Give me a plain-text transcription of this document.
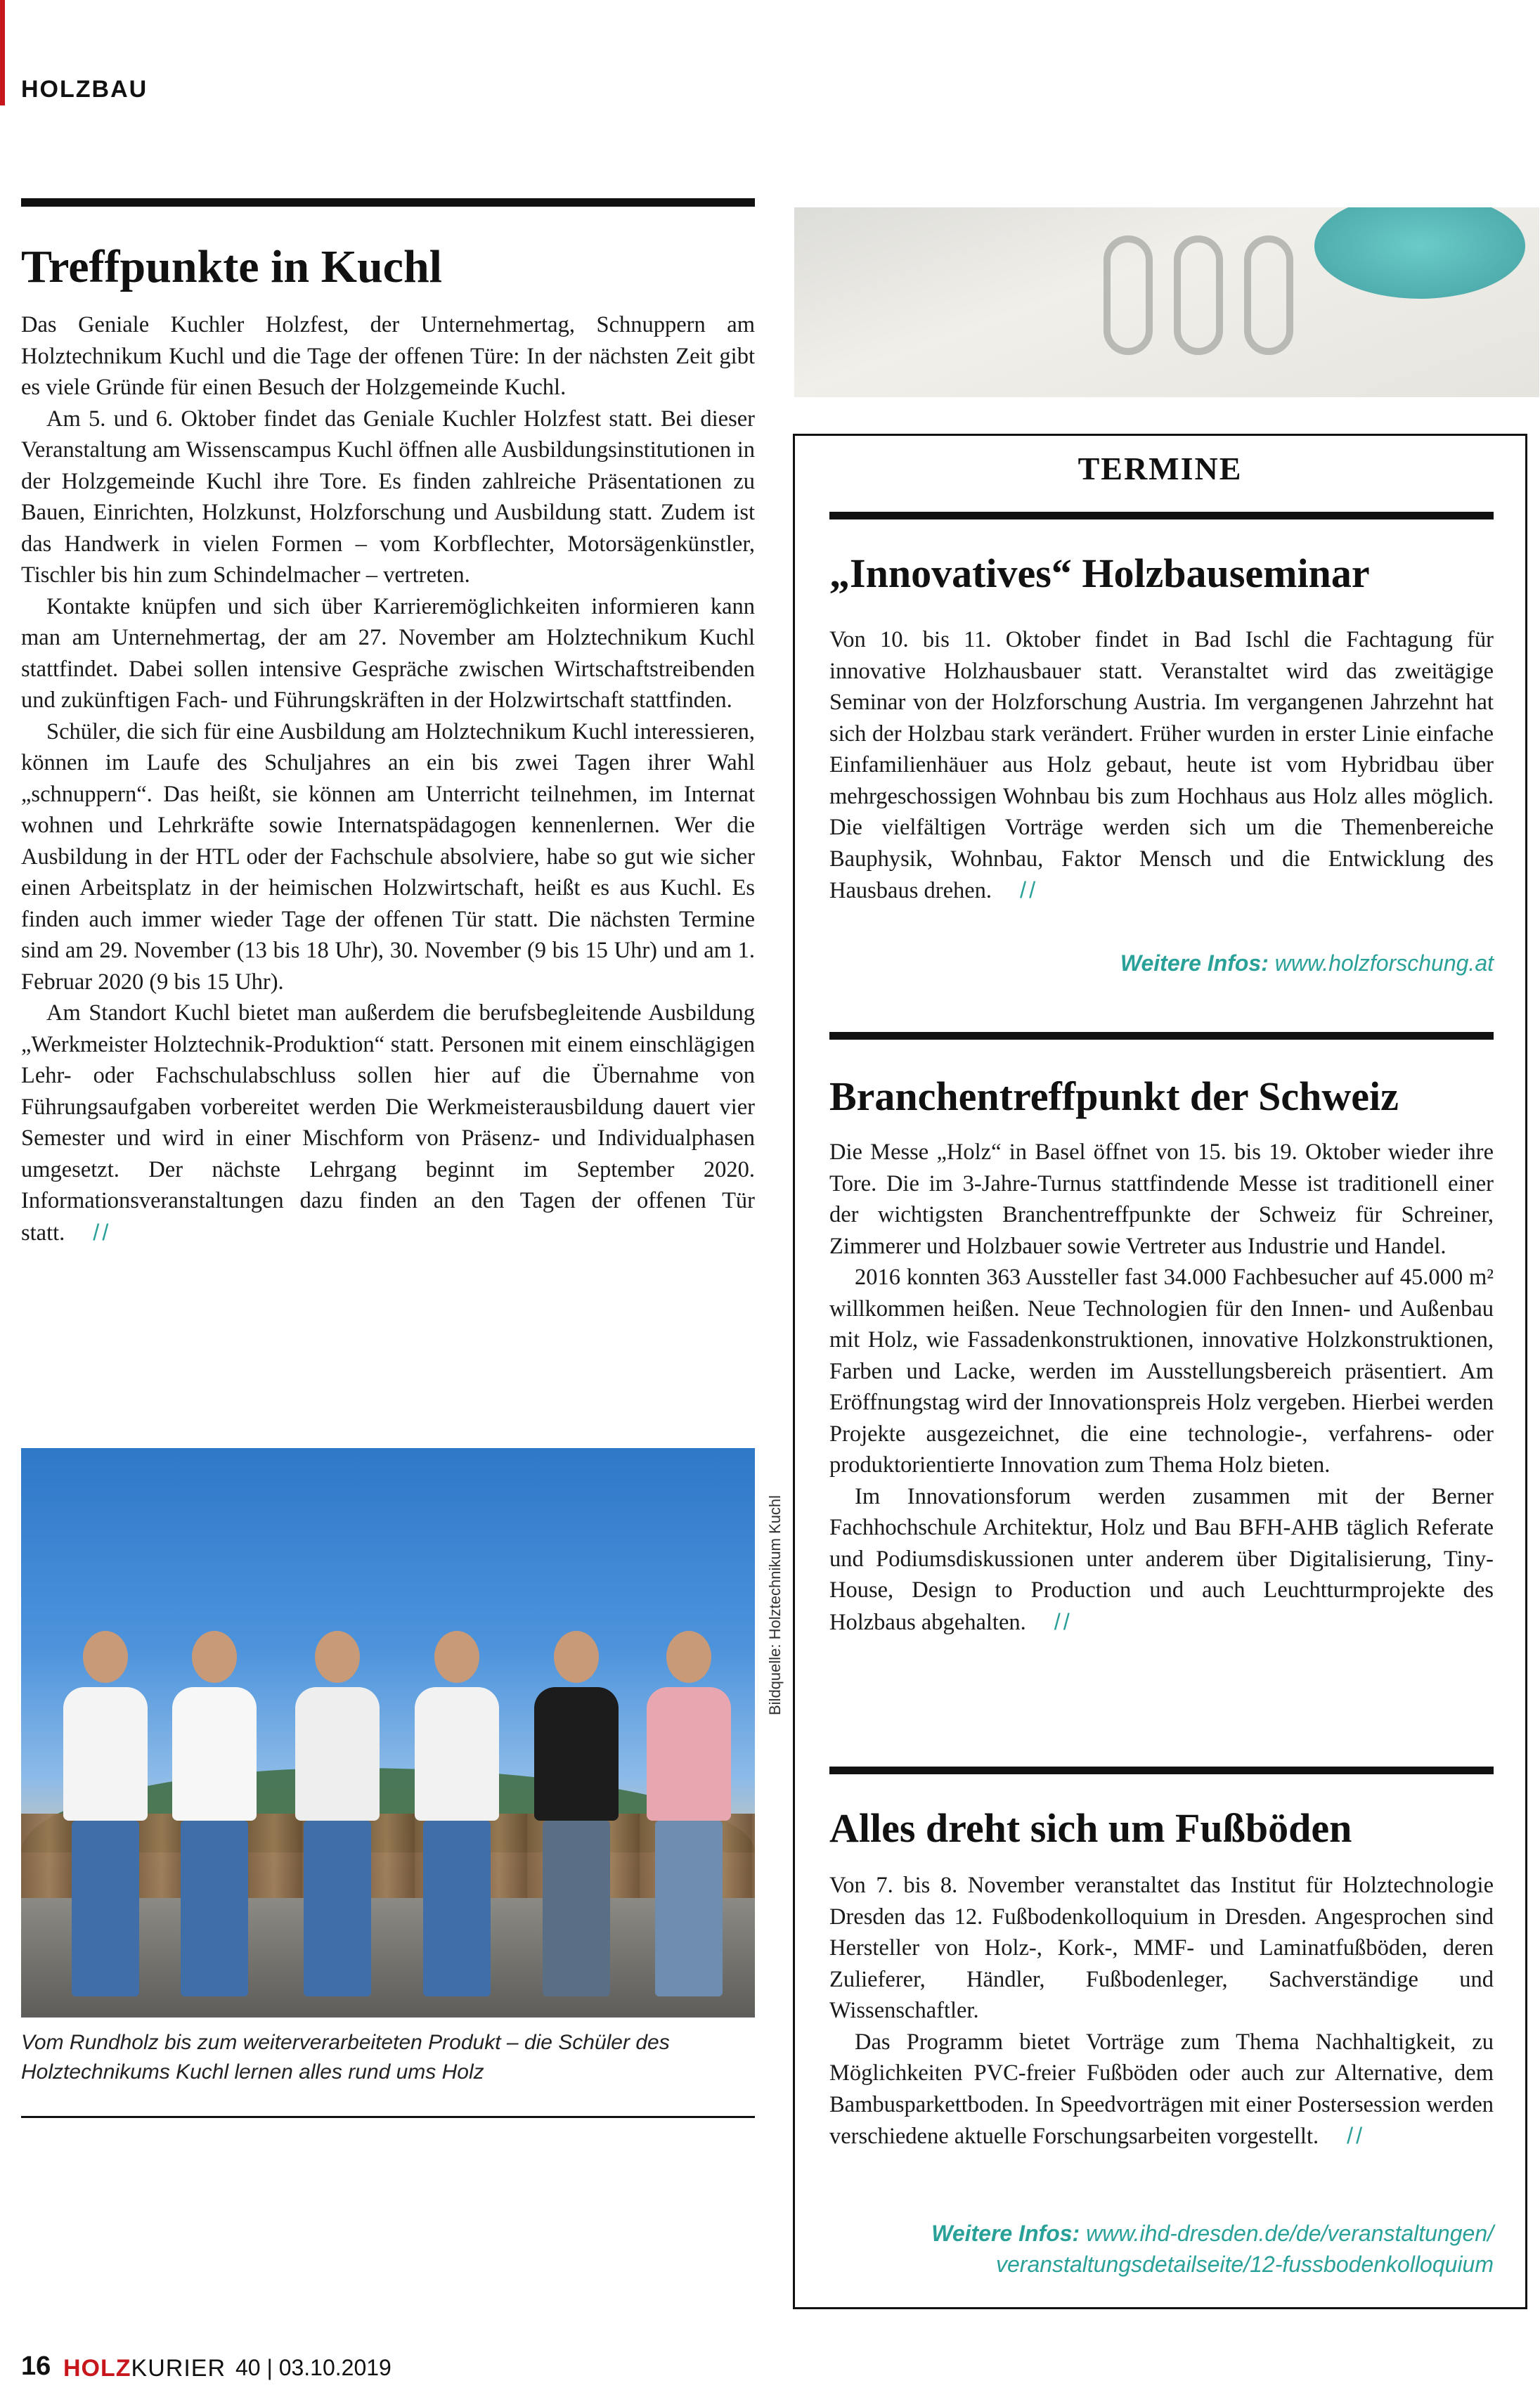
HOLZBAU
Treffpunkte in Kuchl

Das Geniale Kuchler Holzfest, der Unternehmertag, Schnuppern am Holztechnikum Kuchl und die Tage der offenen Türe: In der nächsten Zeit gibt es viele Gründe für einen Besuch der Holzgemeinde Kuchl.

Am 5. und 6. Oktober findet das Geniale Kuchler Holzfest statt. Bei dieser Veranstaltung am Wissenscampus Kuchl öffnen alle Ausbildungsinstitutionen in der Holzgemeinde Kuchl ihre Tore. Es finden zahlreiche Präsentationen zu Bauen, Einrichten, Holzkunst, Holzforschung und Ausbildung statt. Zudem ist das Handwerk in vielen Formen – vom Korbflechter, Motorsägenkünstler, Tischler bis hin zum Schindelmacher – vertreten.

Kontakte knüpfen und sich über Karrieremöglichkeiten informieren kann man am Unternehmertag, der am 27. November am Holztechnikum Kuchl stattfindet. Dabei sollen intensive Gespräche zwischen Wirtschaftstreibenden und zukünftigen Fach- und Führungskräften in der Holzwirtschaft stattfinden.

Schüler, die sich für eine Ausbildung am Holztechnikum Kuchl interessieren, können im Laufe des Schuljahres an ein bis zwei Tagen ihrer Wahl „schnuppern“. Das heißt, sie können am Unterricht teilnehmen, im Internat wohnen und Lehrkräfte sowie Internatspädagogen kennenlernen. Wer die Ausbildung in der HTL oder der Fachschule absolviere, habe so gut wie sicher einen Arbeitsplatz in der heimischen Holzwirtschaft, heißt es aus Kuchl. Es finden auch immer wieder Tage der offenen Tür statt. Die nächsten Termine sind am 29. November (13 bis 18 Uhr), 30. November (9 bis 15 Uhr) und am 1. Februar 2020 (9 bis 15 Uhr).

Am Standort Kuchl bietet man außerdem die berufsbegleitende Ausbildung „Werkmeister Holztechnik-Produktion“ statt. Personen mit einem einschlägigen Lehr- oder Fachschulabschluss sollen hier auf die Übernahme von Führungsaufgaben vorbereitet werden Die Werkmeisterausbildung dauert vier Semester und wird in einer Mischform von Präsenz- und Individualphasen umgesetzt. Der nächste Lehrgang beginnt im September 2020. Informationsveranstaltungen dazu finden an den Tagen der offenen Tür statt. //

Bildquelle: Holztechnikum Kuchl
Vom Rundholz bis zum weiterverarbeiteten Produkt – die Schüler des Holztechnikums Kuchl lernen alles rund ums Holz
TERMINE
„Innovatives“ Holzbauseminar

Von 10. bis 11. Oktober findet in Bad Ischl die Fachtagung für innovative Holzhausbauer statt. Veranstaltet wird das zweitägige Seminar von der Holzforschung Austria. Im vergangenen Jahrzehnt hat sich der Holzbau stark verändert. Früher wurden in erster Linie einfache Einfamilienhäuer aus Holz gebaut, heute ist vom Hybridbau über mehrgeschossigen Wohnbau bis zum Hochhaus aus Holz alles möglich. Die vielfältigen Vorträge werden sich um die Themenbereiche Bauphysik, Wohnbau, Faktor Mensch und die Entwicklung des Hausbaus drehen. //

Weitere Infos: www.holzforschung.at
Branchentreffpunkt der Schweiz

Die Messe „Holz“ in Basel öffnet von 15. bis 19. Oktober wieder ihre Tore. Die im 3-Jahre-Turnus stattfindende Messe ist traditionell einer der wichtigsten Branchentreffpunkte der Schweiz für Schreiner, Zimmerer und Holzbauer sowie Vertreter aus Industrie und Handel.

2016 konnten 363 Aussteller fast 34.000 Fachbesucher auf 45.000 m² willkommen heißen. Neue Technologien für den Innen- und Außenbau mit Holz, wie Fassadenkonstruktionen, innovative Holzkonstruktionen, Farben und Lacke, werden im Ausstellungsbereich präsentiert. Am Eröffnungstag wird der Innovationspreis Holz vergeben. Hierbei werden Projekte ausgezeichnet, die eine technologie-, verfahrens- oder produktorientierte Innovation zum Thema Holz bieten.

Im Innovationsforum werden zusammen mit der Berner Fachhochschule Architektur, Holz und Bau BFH-AHB täglich Referate und Podiumsdiskussionen unter anderem über Digitalisierung, Tiny-House, Design to Production und auch Leuchtturmprojekte des Holzbaus abgehalten. //

Alles dreht sich um Fußböden

Von 7. bis 8. November veranstaltet das Institut für Holztechnologie Dresden das 12. Fußbodenkolloquium in Dresden. Angesprochen sind Hersteller von Holz-, Kork-, MMF- und Laminatfußböden, deren Zulieferer, Händler, Fußbodenleger, Sachverständige und Wissenschaftler.

Das Programm bietet Vorträge zum Thema Nachhaltigkeit, zu Möglichkeiten PVC-freier Fußböden oder auch zur Alternative, dem Bambusparkettboden. In Speedvorträgen mit einer Postersession werden verschiedene aktuelle Forschungsarbeiten vorgestellt. //

Weitere Infos: www.ihd-dresden.de/de/veranstaltungen/
veranstaltungsdetailseite/12-fussbodenkolloquium
16 HOLZKURIER 40 | 03.10.2019
